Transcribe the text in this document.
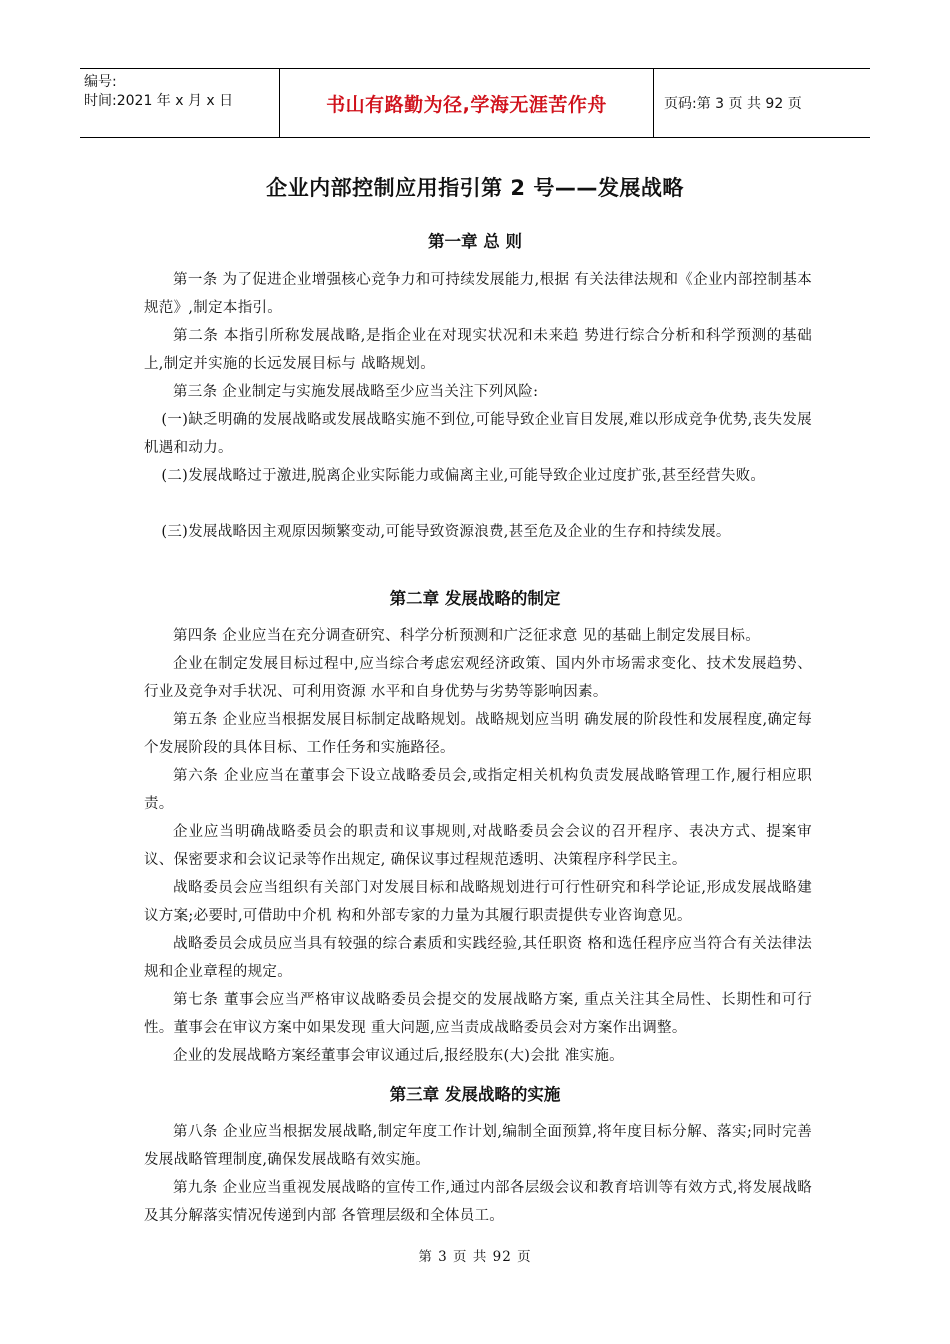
编号:
时间:2021 年 x 月 x 日	书山有路勤为径,学海无涯苦作舟	页码:第 3 页 共 92 页
企业内部控制应用指引第 2 号——发展战略
第一章 总 则

第一条 为了促进企业增强核心竞争力和可持续发展能力,根据 有关法律法规和《企业内部控制基本规范》,制定本指引。

第二条 本指引所称发展战略,是指企业在对现实状况和未来趋 势进行综合分析和科学预测的基础上,制定并实施的长远发展目标与 战略规划。

第三条 企业制定与实施发展战略至少应当关注下列风险:

(一)缺乏明确的发展战略或发展战略实施不到位,可能导致企业盲目发展,难以形成竞争优势,丧失发展机遇和动力。

(二)发展战略过于激进,脱离企业实际能力或偏离主业,可能导致企业过度扩张,甚至经营失败。

(三)发展战略因主观原因频繁变动,可能导致资源浪费,甚至危及企业的生存和持续发展。

第二章 发展战略的制定

第四条 企业应当在充分调查研究、科学分析预测和广泛征求意 见的基础上制定发展目标。

企业在制定发展目标过程中,应当综合考虑宏观经济政策、国内外市场需求变化、技术发展趋势、行业及竞争对手状况、可利用资源 水平和自身优势与劣势等影响因素。

第五条 企业应当根据发展目标制定战略规划。战略规划应当明 确发展的阶段性和发展程度,确定每个发展阶段的具体目标、工作任务和实施路径。

第六条 企业应当在董事会下设立战略委员会,或指定相关机构负责发展战略管理工作,履行相应职责。

企业应当明确战略委员会的职责和议事规则,对战略委员会会议的召开程序、表决方式、提案审议、保密要求和会议记录等作出规定, 确保议事过程规范透明、决策程序科学民主。

战略委员会应当组织有关部门对发展目标和战略规划进行可行性研究和科学论证,形成发展战略建议方案;必要时,可借助中介机 构和外部专家的力量为其履行职责提供专业咨询意见。

战略委员会成员应当具有较强的综合素质和实践经验,其任职资 格和选任程序应当符合有关法律法规和企业章程的规定。

第七条 董事会应当严格审议战略委员会提交的发展战略方案, 重点关注其全局性、长期性和可行性。董事会在审议方案中如果发现 重大问题,应当责成战略委员会对方案作出调整。

企业的发展战略方案经董事会审议通过后,报经股东(大)会批 准实施。

第三章 发展战略的实施

第八条 企业应当根据发展战略,制定年度工作计划,编制全面预算,将年度目标分解、落实;同时完善发展战略管理制度,确保发展战略有效实施。

第九条 企业应当重视发展战略的宣传工作,通过内部各层级会议和教育培训等有效方式,将发展战略及其分解落实情况传递到内部 各管理层级和全体员工。

第 3 页 共 92 页
